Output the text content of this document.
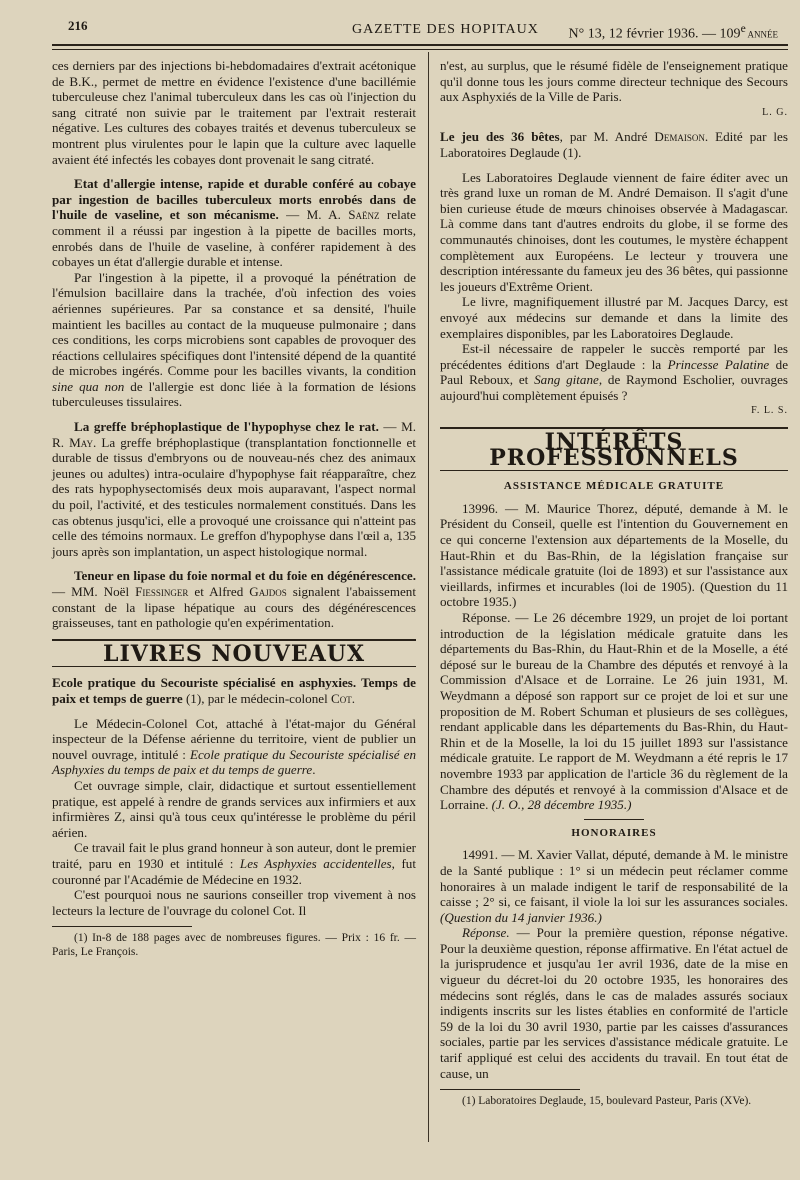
216	GAZETTE DES HOPITAUX N° 13, 12 février 1936. — 109e ANNÉE

ces derniers par des injections bi-hebdomadaires d'extrait acétonique de B.K., permet de mettre en évidence l'existence d'une bacillémie tuberculeuse chez l'animal tuberculeux dans les cas où l'injection du sang citraté non suivie par le traitement par l'extrait resterait négative. Les cultures des cobayes traités et devenus tuberculeux se montrent plus virulentes pour le lapin que la culture avec laquelle avaient été infectés les cobayes dont provenait le sang citraté.

Etat d'allergie intense, rapide et durable conféré au cobaye par ingestion de bacilles tuberculeux morts enrobés dans de l'huile de vaseline, et son mécanisme. — M. A. Saënz relate comment il a réussi par ingestion à la pipette de bacilles morts, enrobés dans de l'huile de vaseline, à conférer rapidement à des cobayes un état d'allergie durable et intense.

Par l'ingestion à la pipette, il a provoqué la pénétration de l'émulsion bacillaire dans la trachée, d'où infection des voies aériennes supérieures. Par sa constance et sa densité, l'huile maintient les bacilles au contact de la muqueuse pulmonaire ; dans ces conditions, les corps microbiens sont capables de provoquer des réactions cellulaires spécifiques dont l'intensité dépend de la quantité de microbes ingérés. Comme pour les bacilles vivants, la condition sine qua non de l'allergie est donc liée à la formation de lésions tuberculeuses tissulaires.

La greffe bréphoplastique de l'hypophyse chez le rat. — M. R. May. La greffe bréphoplastique (transplantation fonctionnelle et durable de tissus d'embryons ou de nouveau-nés chez des animaux jeunes ou adultes) intra-oculaire d'hypophyse fait réapparaître, chez des rats hypophysectomisés deux mois auparavant, l'aspect normal du poil, l'activité, et des testicules normalement constitués. Dans les cas obtenus jusqu'ici, elle a provoqué une croissance qui n'atteint pas celle des témoins normaux. Le greffon d'hypophyse dans l'œil a, 135 jours après son implantation, un aspect histologique normal.

Teneur en lipase du foie normal et du foie en dégénérescence. — MM. Noël Fiessinger et Alfred Gajdos signalent l'abaissement constant de la lipase hépatique au cours des dégénérescences graisseuses, tant en pathologie qu'en expérimentation.

LIVRES NOUVEAUX

Ecole pratique du Secouriste spécialisé en asphyxies. Temps de paix et temps de guerre (1), par le médecin-colonel Cot.

Le Médecin-Colonel Cot, attaché à l'état-major du Général inspecteur de la Défense aérienne du territoire, vient de publier un nouvel ouvrage, intitulé : Ecole pratique du Secouriste spécialisé en Asphyxies du temps de paix et du temps de guerre.

Cet ouvrage simple, clair, didactique et surtout essentiellement pratique, est appelé à rendre de grands services aux infirmiers et aux infirmières Z, ainsi qu'à tous ceux qu'intéresse le problème du péril aérien.

Ce travail fait le plus grand honneur à son auteur, dont le premier traité, paru en 1930 et intitulé : Les Asphyxies accidentelles, fut couronné par l'Académie de Médecine en 1932.

C'est pourquoi nous ne saurions conseiller trop vivement à nos lecteurs la lecture de l'ouvrage du colonel Cot. Il

(1) In-8 de 188 pages avec de nombreuses figures. — Prix : 16 fr. — Paris, Le François.

n'est, au surplus, que le résumé fidèle de l'enseignement pratique qu'il donne tous les jours comme directeur technique des Secours aux Asphyxiés de la Ville de Paris.

L. G.

Le jeu des 36 bêtes, par M. André Demaison. Edité par les Laboratoires Deglaude (1).

Les Laboratoires Deglaude viennent de faire éditer avec un très grand luxe un roman de M. André Demaison. Il s'agit d'une bien curieuse étude de mœurs chinoises observée à Madagascar. Là comme dans tant d'autres endroits du globe, il se forme des communautés chinoises, dont les coutumes, le mystère échappent complètement aux Européens. Le lecteur y trouvera une description intéressante du fameux jeu des 36 bêtes, qui passionne les joueurs d'Extrême Orient.

Le livre, magnifiquement illustré par M. Jacques Darcy, est envoyé aux médecins sur demande et dans la limite des exemplaires disponibles, par les Laboratoires Deglaude.

Est-il nécessaire de rappeler le succès remporté par les précédentes éditions d'art Deglaude : la Princesse Palatine de Paul Reboux, et Sang gitane, de Raymond Escholier, ouvrages aujourd'hui complètement épuisés ?

F. L. S.

INTÉRÊTS PROFESSIONNELS
ASSISTANCE MÉDICALE GRATUITE

13996. — M. Maurice Thorez, député, demande à M. le Président du Conseil, quelle est l'intention du Gouvernement en ce qui concerne l'extension aux départements de la Moselle, du Haut-Rhin et du Bas-Rhin, de la législation française sur l'assistance médicale gratuite (loi de 1893) et sur l'assistance aux vieillards, infirmes et incurables (loi de 1905). (Question du 11 octobre 1935.)

Réponse. — Le 26 décembre 1929, un projet de loi portant introduction de la législation médicale gratuite dans les départements du Bas-Rhin, du Haut-Rhin et de la Moselle, a été déposé sur le bureau de la Chambre des députés et renvoyé à la Commission d'Alsace et de Lorraine. Le 26 juin 1931, M. Weydmann a déposé son rapport sur ce projet de loi et sur une proposition de M. Robert Schuman et plusieurs de ses collègues, rendant applicable dans les départements du Bas-Rhin, du Haut-Rhin et de la Moselle, la loi du 15 juillet 1893 sur l'assistance médicale gratuite. Le rapport de M. Weydmann a été repris le 17 novembre 1933 par application de l'article 36 du règlement de la Chambre des députés et renvoyé à la commission d'Alsace et de Lorraine. (J. O., 28 décembre 1935.)

HONORAIRES

14991. — M. Xavier Vallat, député, demande à M. le ministre de la Santé publique : 1° si un médecin peut réclamer comme honoraires à un malade indigent le tarif de responsabilité de la caisse ; 2° si, ce faisant, il viole la loi sur les assurances sociales. (Question du 14 janvier 1936.)

Réponse. — Pour la première question, réponse négative. Pour la deuxième question, réponse affirmative. En l'état actuel de la jurisprudence et jusqu'au 1er avril 1936, date de la mise en vigueur du décret-loi du 20 octobre 1935, les honoraires des médecins sont réglés, dans le cas de malades assurés sociaux indigents inscrits sur les listes établies en conformité de l'article 59 de la loi du 30 avril 1930, partie par les caisses d'assurances sociales, partie par les services d'assistance médicale gratuite. Le tarif appliqué est celui des accidents du travail. En tout état de cause, un

(1) Laboratoires Deglaude, 15, boulevard Pasteur, Paris (XVe).
